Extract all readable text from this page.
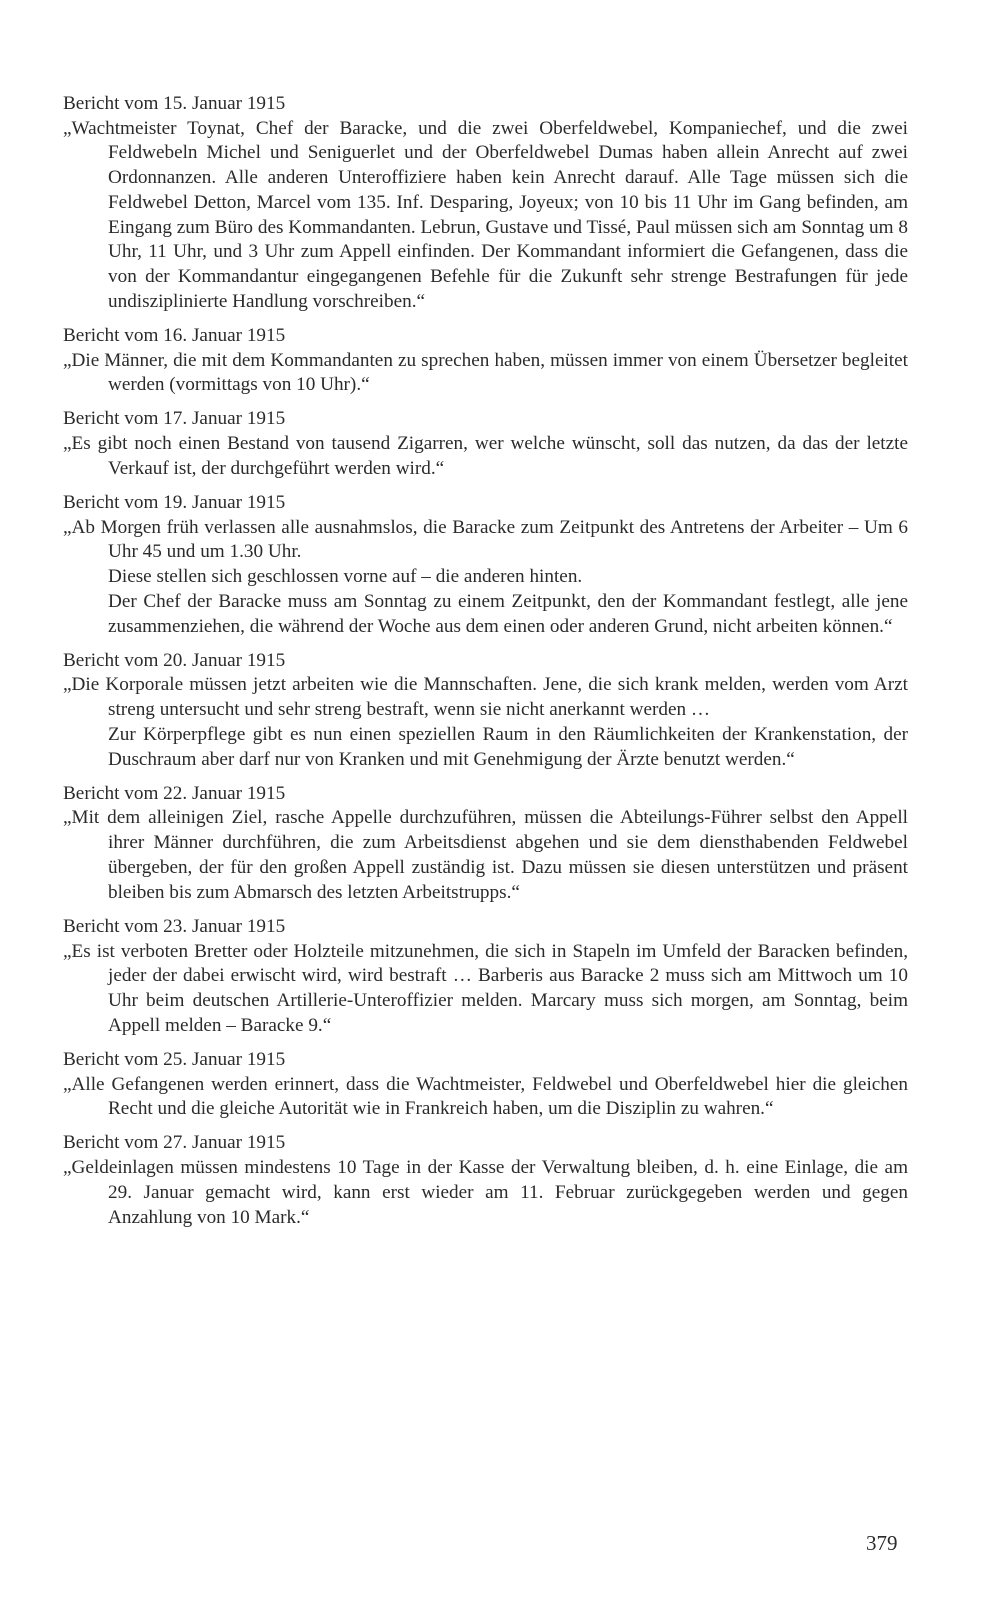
Bericht vom 15. Januar 1915

„Wachtmeister Toynat, Chef der Baracke, und die zwei Oberfeldwebel, Kompaniechef, und die zwei Feldwebeln Michel und Seniguerlet und der Oberfeldwebel Dumas haben allein Anrecht auf zwei Ordonnanzen. Alle anderen Unteroffiziere haben kein Anrecht darauf. Alle Tage müssen sich die Feldwebel Detton, Marcel vom 135. Inf. Desparing, Joyeux; von 10 bis 11 Uhr im Gang befinden, am Eingang zum Büro des Kommandanten. Lebrun, Gustave und Tissé, Paul müssen sich am Sonntag um 8 Uhr, 11 Uhr, und 3 Uhr zum Appell einfinden. Der Kommandant informiert die Gefangenen, dass die von der Kommandantur eingegangenen Befehle für die Zukunft sehr strenge Bestrafungen für jede undisziplinierte Handlung vorschreiben.“

Bericht vom 16. Januar 1915

„Die Männer, die mit dem Kommandanten zu sprechen haben, müssen immer von einem Übersetzer begleitet werden (vormittags von 10 Uhr).“

Bericht vom 17. Januar 1915

„Es gibt noch einen Bestand von tausend Zigarren, wer welche wünscht, soll das nutzen, da das der letzte Verkauf ist, der durchgeführt werden wird.“

Bericht vom 19. Januar 1915

„Ab Morgen früh verlassen alle ausnahmslos, die Baracke zum Zeitpunkt des Antretens der Arbeiter – Um 6 Uhr 45 und um 1.30 Uhr.

Diese stellen sich geschlossen vorne auf – die anderen hinten.

Der Chef der Baracke muss am Sonntag zu einem Zeitpunkt, den der Kommandant festlegt, alle jene zusammenziehen, die während der Woche aus dem einen oder anderen Grund, nicht arbeiten können.“

Bericht vom 20. Januar 1915

„Die Korporale müssen jetzt arbeiten wie die Mannschaften. Jene, die sich krank melden, werden vom Arzt streng untersucht und sehr streng bestraft, wenn sie nicht anerkannt werden …

Zur Körperpflege gibt es nun einen speziellen Raum in den Räumlichkeiten der Krankenstation, der Duschraum aber darf nur von Kranken und mit Genehmigung der Ärzte benutzt werden.“

Bericht vom 22. Januar 1915

„Mit dem alleinigen Ziel, rasche Appelle durchzuführen, müssen die Abteilungs-Führer selbst den Appell ihrer Männer durchführen, die zum Arbeitsdienst abgehen und sie dem diensthabenden Feldwebel übergeben, der für den großen Appell zuständig ist. Dazu müssen sie diesen unterstützen und präsent bleiben bis zum Abmarsch des letzten Arbeitstrupps.“

Bericht vom 23. Januar 1915

„Es ist verboten Bretter oder Holzteile mitzunehmen, die sich in Stapeln im Umfeld der Baracken befinden, jeder der dabei erwischt wird, wird bestraft … Barberis aus Baracke 2 muss sich am Mittwoch um 10 Uhr beim deutschen Artillerie-Unteroffizier melden. Marcary muss sich morgen, am Sonntag, beim Appell melden – Baracke 9.“

Bericht vom 25. Januar 1915

„Alle Gefangenen werden erinnert, dass die Wachtmeister, Feldwebel und Oberfeldwebel hier die gleichen Recht und die gleiche Autorität wie in Frankreich haben, um die Disziplin zu wahren.“

Bericht vom 27. Januar 1915

„Geldeinlagen müssen mindestens 10 Tage in der Kasse der Verwaltung bleiben, d. h. eine Einlage, die am 29. Januar gemacht wird, kann erst wieder am 11. Februar zurückgegeben werden und gegen Anzahlung von 10 Mark.“

379
